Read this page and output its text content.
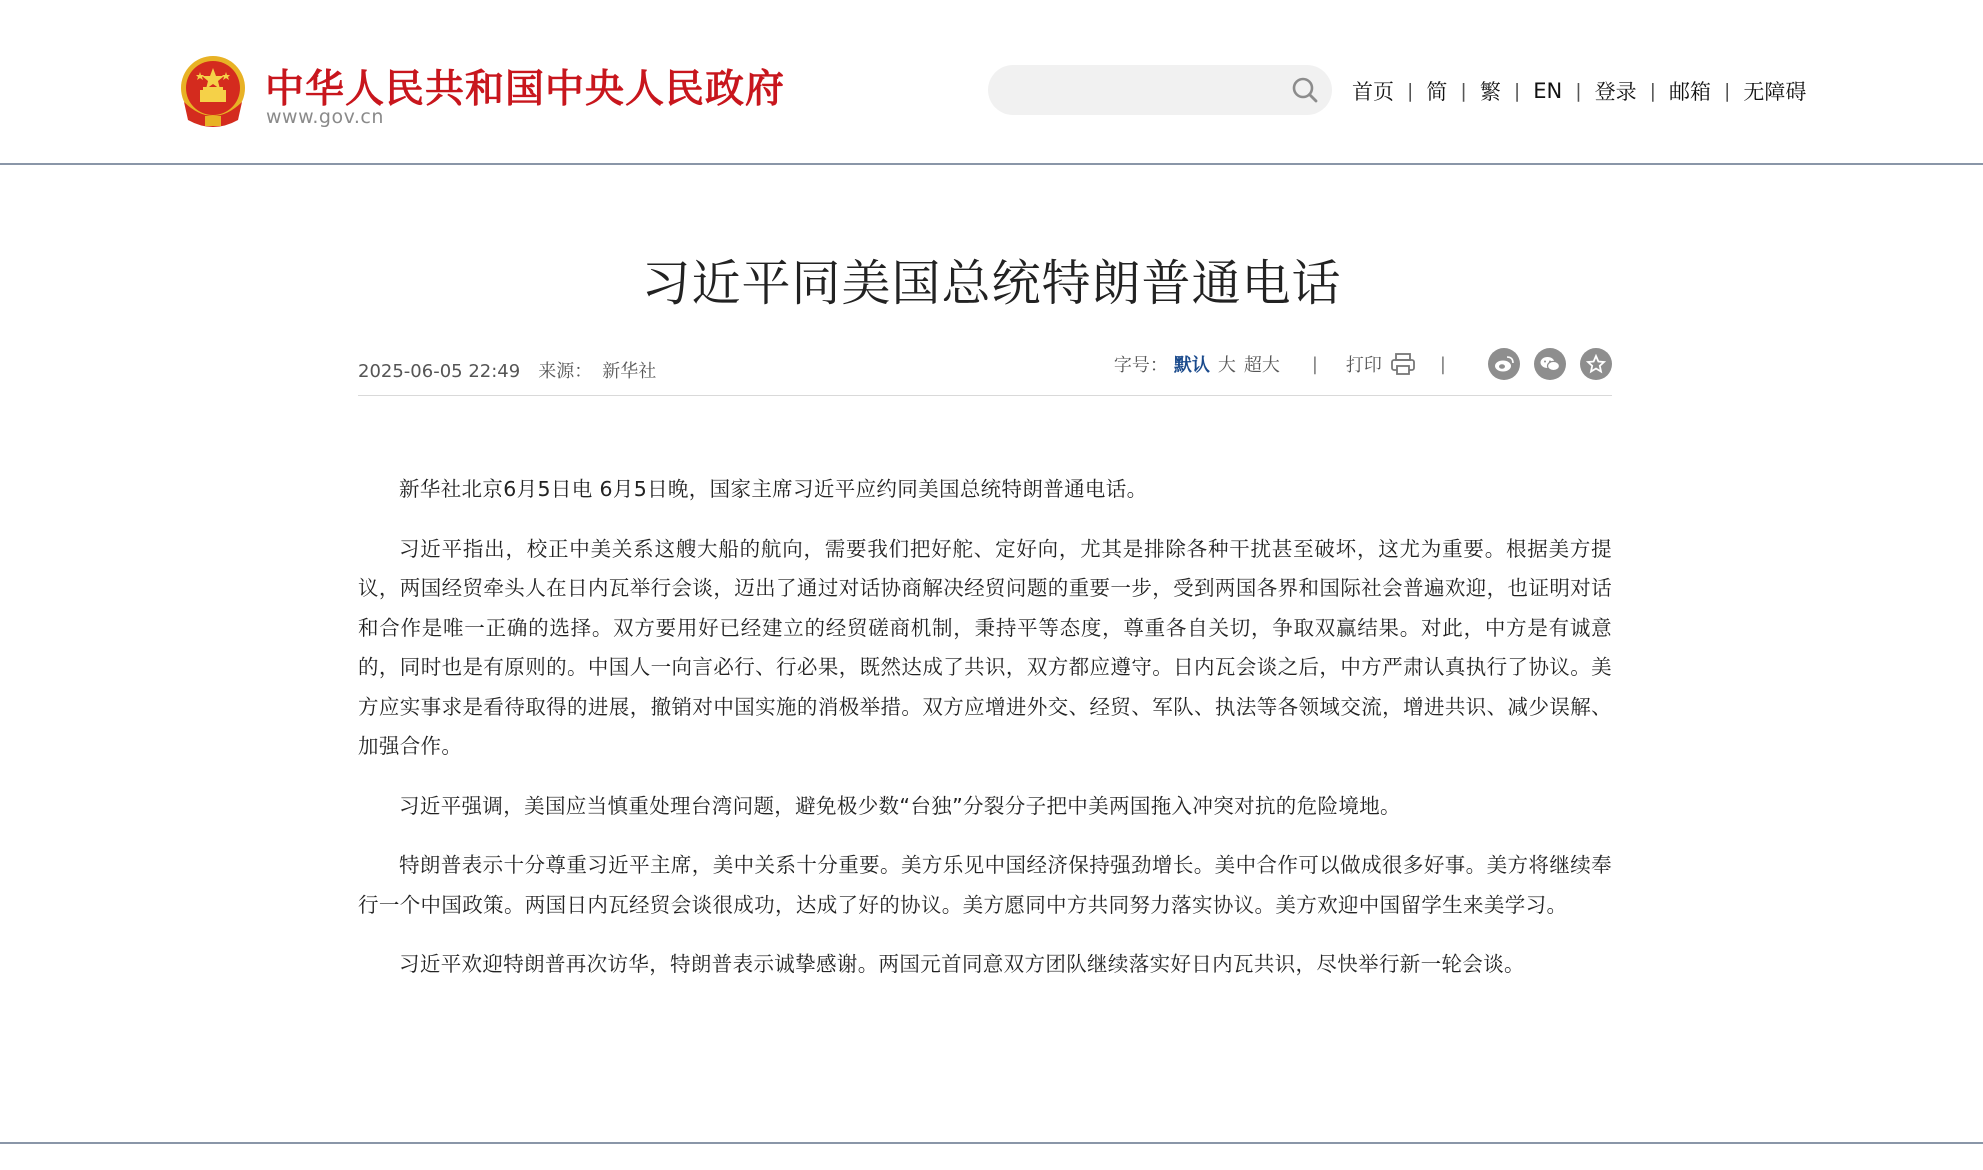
中华人民共和国中央人民政府
www.gov.cn
首页 | 简 | 繁 | EN | 登录 | 邮箱 | 无障碍
习近平同美国总统特朗普通电话
2025-06-05 22:49 来源： 新华社	字号： 默认 大 超大 | 打印	|

新华社北京6月5日电 6月5日晚，国家主席习近平应约同美国总统特朗普通电话。

习近平指出，校正中美关系这艘大船的航向，需要我们把好舵、定好向，尤其是排除各种干扰甚至破坏，这尤为重要。根据美方提议，两国经贸牵头人在日内瓦举行会谈，迈出了通过对话协商解决经贸问题的重要一步，受到两国各界和国际社会普遍欢迎，也证明对话和合作是唯一正确的选择。双方要用好已经建立的经贸磋商机制，秉持平等态度，尊重各自关切，争取双赢结果。对此，中方是有诚意的，同时也是有原则的。中国人一向言必行、行必果，既然达成了共识，双方都应遵守。日内瓦会谈之后，中方严肃认真执行了协议。美方应实事求是看待取得的进展，撤销对中国实施的消极举措。双方应增进外交、经贸、军队、执法等各领域交流，增进共识、减少误解、加强合作。

习近平强调，美国应当慎重处理台湾问题，避免极少数“台独”分裂分子把中美两国拖入冲突对抗的危险境地。

特朗普表示十分尊重习近平主席，美中关系十分重要。美方乐见中国经济保持强劲增长。美中合作可以做成很多好事。美方将继续奉行一个中国政策。两国日内瓦经贸会谈很成功，达成了好的协议。美方愿同中方共同努力落实协议。美方欢迎中国留学生来美学习。

习近平欢迎特朗普再次访华，特朗普表示诚挚感谢。两国元首同意双方团队继续落实好日内瓦共识，尽快举行新一轮会谈。
